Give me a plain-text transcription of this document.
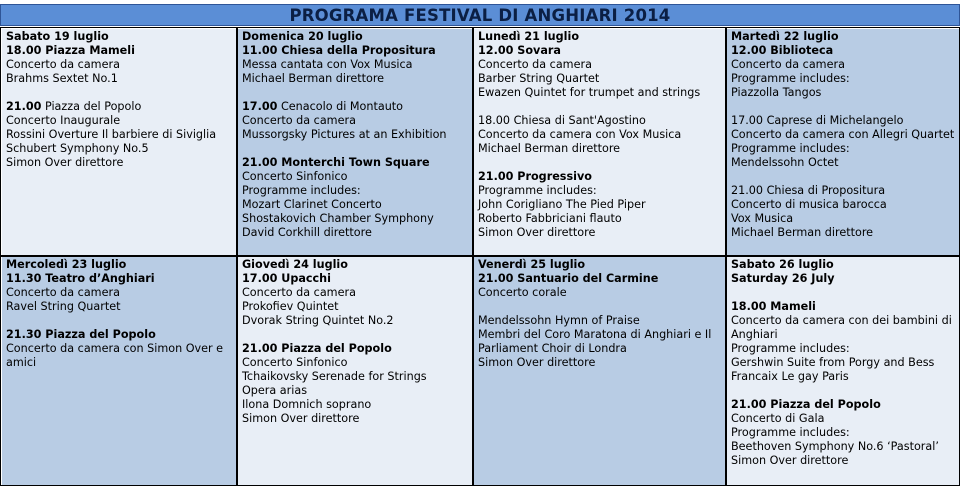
PROGRAMA FESTIVAL DI ANGHIARI 2014
Sabato 19 luglio
18.00 Piazza Mameli
Concerto da camera
Brahms Sextet No.1
21.00 Piazza del Popolo
Concerto Inaugurale
Rossini Overture Il barbiere di Siviglia
Schubert Symphony No.5
Simon Over direttore
Domenica 20 luglio
11.00 Chiesa della Propositura
Messa cantata con Vox Musica
Michael Berman direttore
17.00 Cenacolo di Montauto
Concerto da camera
Mussorgsky Pictures at an Exhibition
21.00 Monterchi Town Square
Concerto Sinfonico
Programme includes:
Mozart Clarinet Concerto
Shostakovich Chamber Symphony
David Corkhill direttore
Lunedì 21 luglio
12.00 Sovara
Concerto da camera
Barber String Quartet
Ewazen Quintet for trumpet and strings
18.00 Chiesa di Sant'Agostino
Concerto da camera con Vox Musica
Michael Berman direttore
21.00 Progressivo
Programme includes:
John Corigliano The Pied Piper
Roberto Fabbriciani flauto
Simon Over direttore
Martedì 22 luglio
12.00 Biblioteca
Concerto da camera
Programme includes:
Piazzolla Tangos
17.00 Caprese di Michelangelo
Concerto da camera con Allegri Quartet
Programme includes:
Mendelssohn Octet
21.00 Chiesa di Propositura
Concerto di musica barocca
Vox Musica
Michael Berman direttore
Mercoledì 23 luglio
11.30 Teatro d’Anghiari
Concerto da camera
Ravel String Quartet
21.30 Piazza del Popolo
Concerto da camera con Simon Over e
amici
Giovedì 24 luglio
17.00 Upacchi
Concerto da camera
Prokofiev Quintet
Dvorak String Quintet No.2
21.00 Piazza del Popolo
Concerto Sinfonico
Tchaikovsky Serenade for Strings
Opera arias
Ilona Domnich soprano
Simon Over direttore
Venerdì 25 luglio
21.00 Santuario del Carmine
Concerto corale
Mendelssohn Hymn of Praise
Membri del Coro Maratona di Anghiari e Il
Parliament Choir di Londra
Simon Over direttore
Sabato 26 luglio
Saturday 26 July
18.00 Mameli
Concerto da camera con dei bambini di
Anghiari
Programme includes:
Gershwin Suite from Porgy and Bess
Francaix Le gay Paris
21.00 Piazza del Popolo
Concerto di Gala
Programme includes:
Beethoven Symphony No.6 ‘Pastoral’
Simon Over direttore
